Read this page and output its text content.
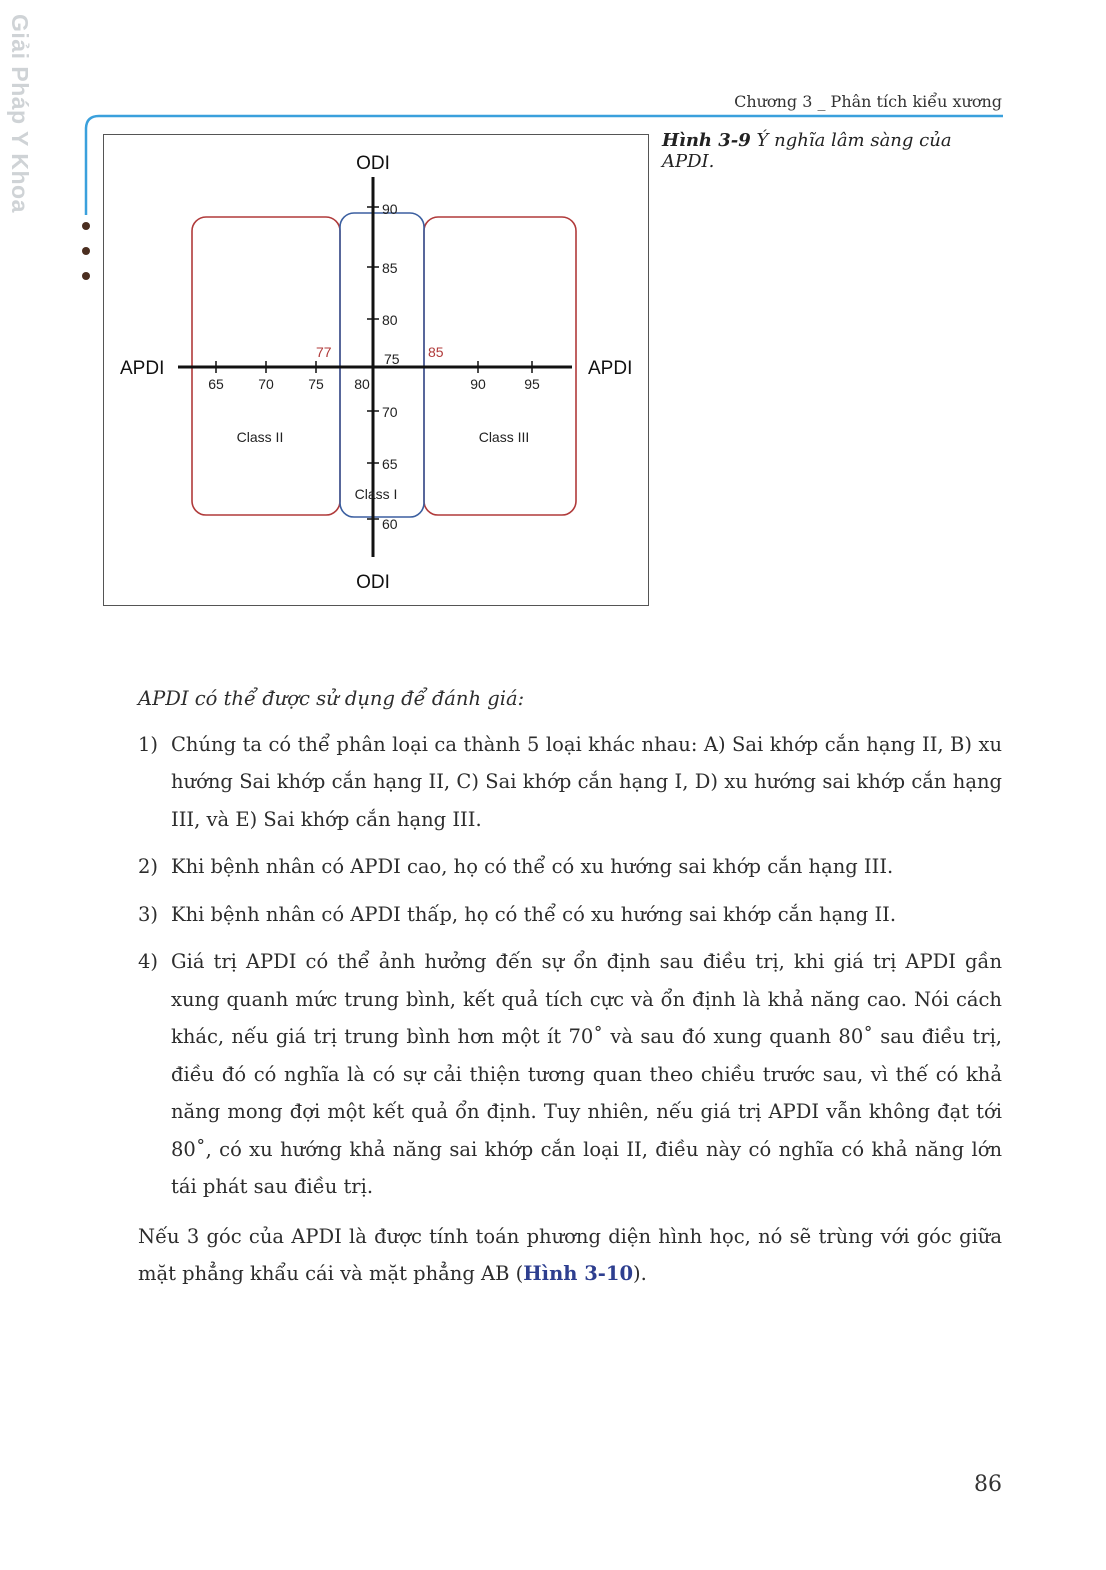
Giải Pháp Y Khoa	Chương 3 _ Phân tích kiểu xương
ODI
ODI
APDI	APDI
65 70 75 80	90	95
90
85
80
75
70
65
60
77	85
Class II	Class III
Class I
Hình 3-9 Ý nghĩa lâm sàng của APDI.

APDI có thể được sử dụng để đánh giá:

1) Chúng ta có thể phân loại ca thành 5 loại khác nhau: A) Sai khớp cắn hạng II, B) xu hướng Sai khớp cắn hạng II, C) Sai khớp cắn hạng I, D) xu hướng sai khớp cắn hạng III, và E) Sai khớp cắn hạng III.
2) Khi bệnh nhân có APDI cao, họ có thể có xu hướng sai khớp cắn hạng III.
3) Khi bệnh nhân có APDI thấp, họ có thể có xu hướng sai khớp cắn hạng II.
4) Giá trị APDI có thể ảnh hưởng đến sự ổn định sau điều trị, khi giá trị APDI gần xung quanh mức trung bình, kết quả tích cực và ổn định là khả năng cao. Nói cách khác, nếu giá trị trung bình hơn một ít 70˚ và sau đó xung quanh 80˚ sau điều trị, điều đó có nghĩa là có sự cải thiện tương quan theo chiều trước sau, vì thế có khả năng mong đợi một kết quả ổn định. Tuy nhiên, nếu giá trị APDI vẫn không đạt tới 80˚, có xu hướng khả năng sai khớp cắn loại II, điều này có nghĩa có khả năng lớn tái phát sau điều trị.

Nếu 3 góc của APDI là được tính toán phương diện hình học, nó sẽ trùng với góc giữa mặt phẳng khẩu cái và mặt phẳng AB (Hình 3-10).

86
